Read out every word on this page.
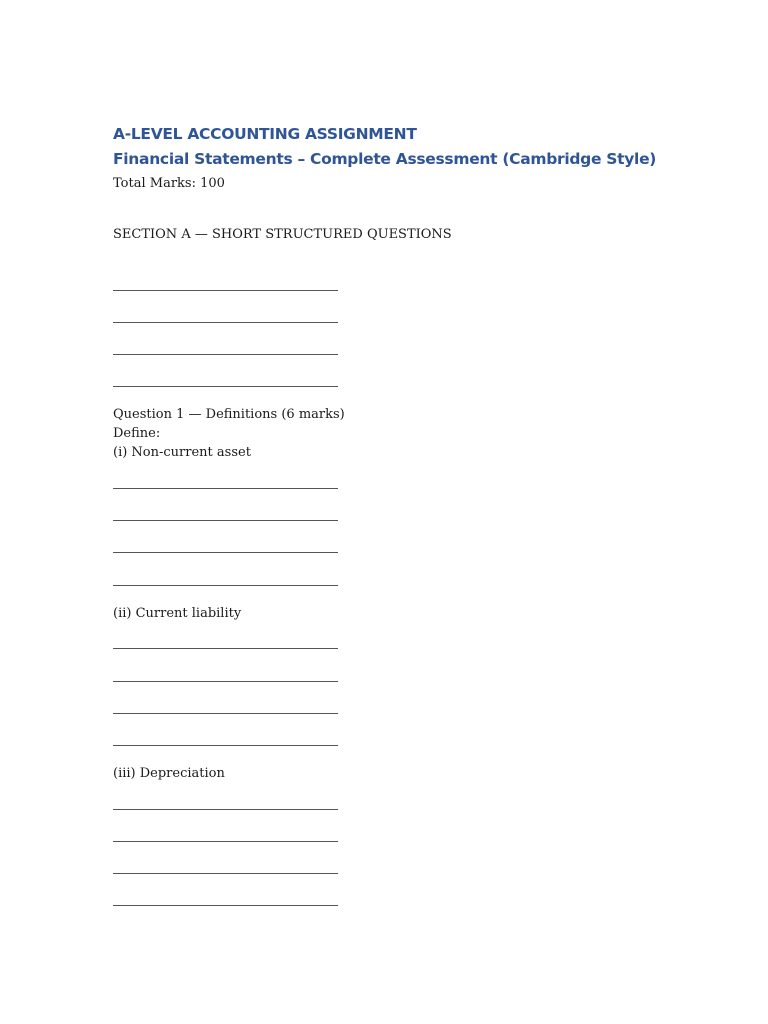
A-LEVEL ACCOUNTING ASSIGNMENT
Financial Statements – Complete Assessment (Cambridge Style)
Total Marks: 100
SECTION A — SHORT STRUCTURED QUESTIONS
Question 1 — Definitions (6 marks)
Define:
(i) Non-current asset
(ii) Current liability
(iii) Depreciation
